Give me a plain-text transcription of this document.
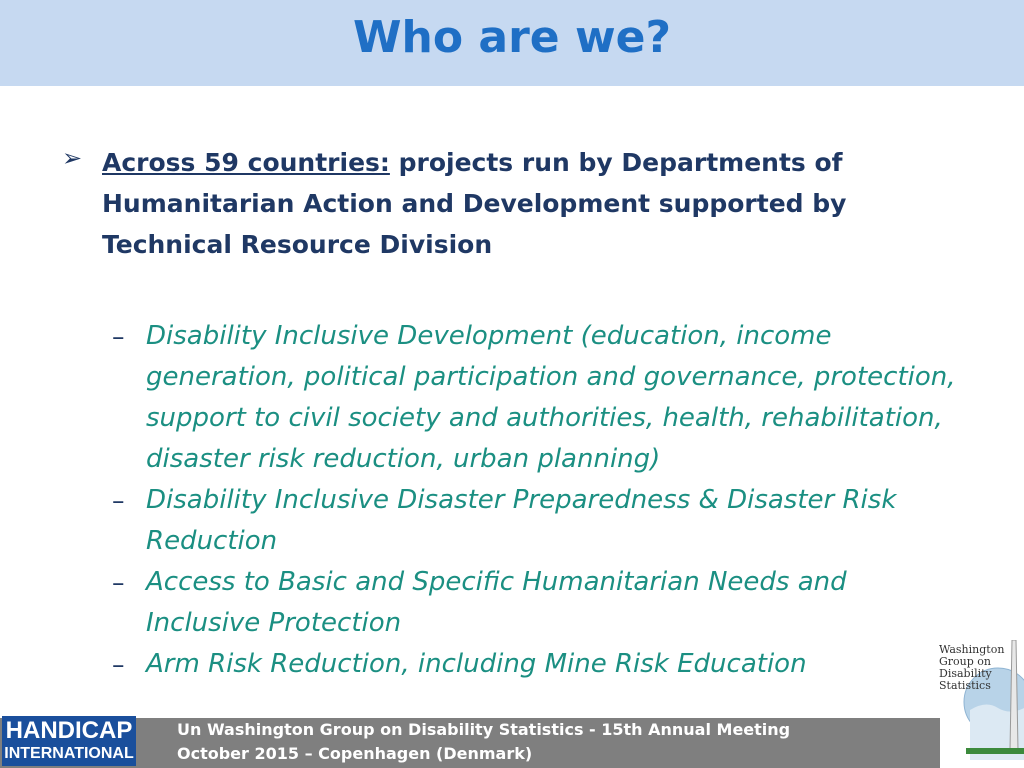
Who are we?
➢ Across 59 countries: projects run by Departments of Humanitarian Action and Development supported by Technical Resource Division
– Disability Inclusive Development (education, income generation, political participation and governance, protection, support to civil society and authorities, health, rehabilitation, disaster risk reduction, urban planning)
– Disability Inclusive Disaster Preparedness & Disaster Risk Reduction
– Access to Basic and Specific Humanitarian Needs and Inclusive Protection
– Arm Risk Reduction, including Mine Risk Education
Un Washington Group on Disability Statistics - 15th Annual Meeting
October 2015 – Copenhagen (Denmark)
HANDICAP
INTERNATIONAL
Washington
Group on
Disability
Statistics
